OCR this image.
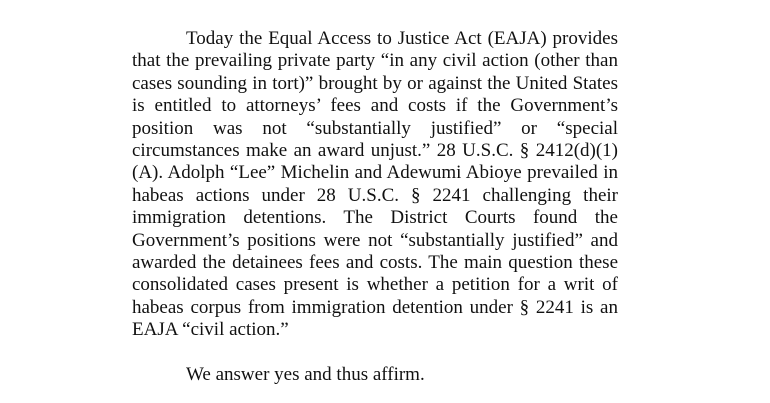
Today the Equal Access to Justice Act (EAJA) provides that the prevailing private party “in any civil action (other than cases sounding in tort)” brought by or against the United States is entitled to attorneys’ fees and costs if the Government’s position was not “substantially justified” or “special circumstances make an award unjust.” 28 U.S.C. § 2412(d)(1)(A). Adolph “Lee” Michelin and Adewumi Abioye prevailed in habeas actions under 28 U.S.C. § 2241 challenging their immigration detentions. The District Courts found the Government’s positions were not “substantially justified” and awarded the detainees fees and costs. The main question these consolidated cases present is whether a petition for a writ of habeas corpus from immigration detention under § 2241 is an EAJA “civil action.”

We answer yes and thus affirm.
